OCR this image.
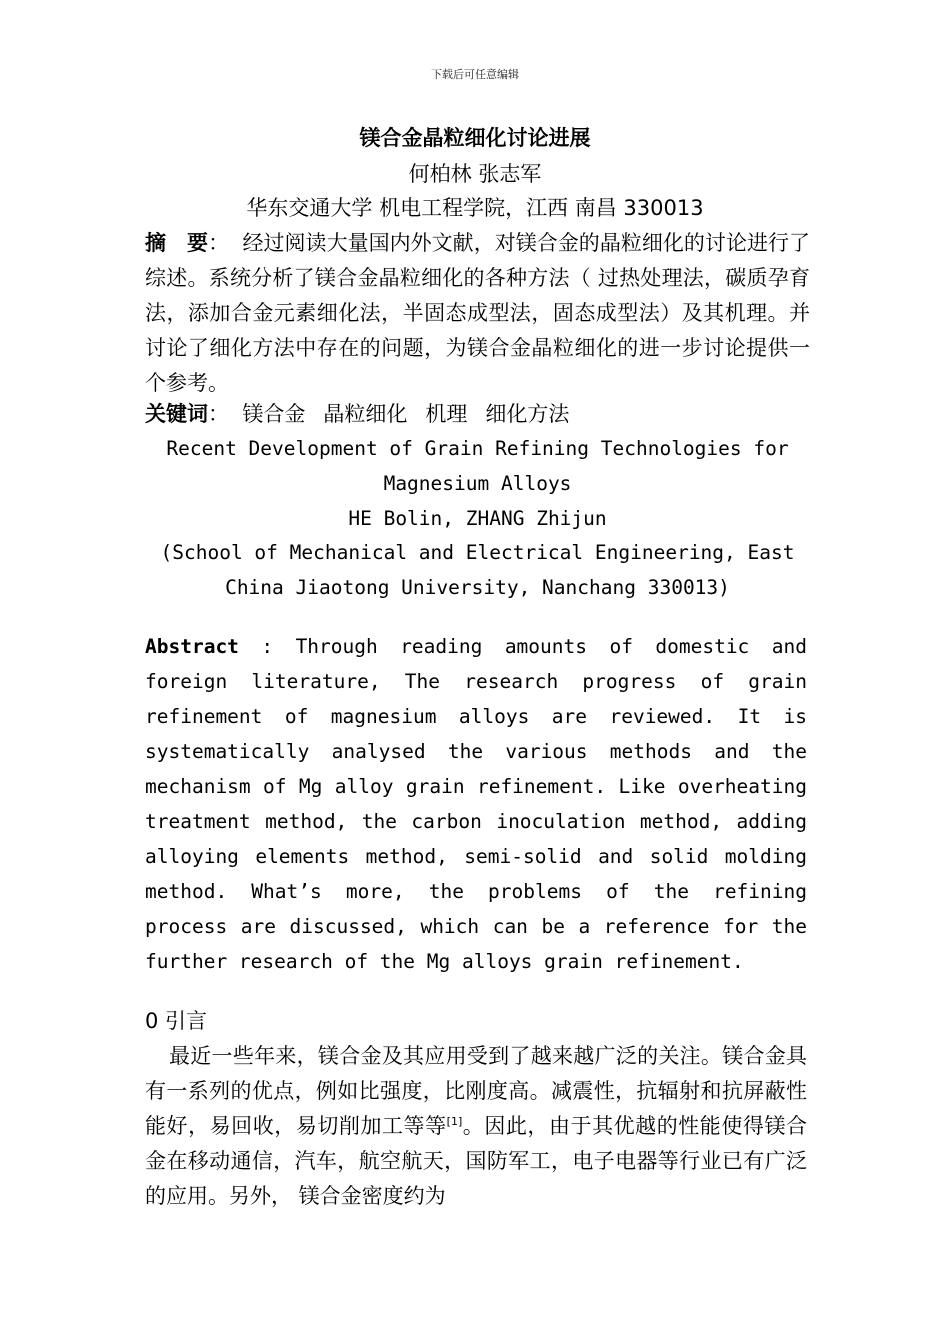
下载后可任意编辑
镁合金晶粒细化讨论进展
何柏林 张志军
华东交通大学 机电工程学院，江西 南昌 330013
摘　要： 经过阅读大量国内外文献，对镁合金的晶粒细化的讨论进行了综述。系统分析了镁合金晶粒细化的各种方法（ 过热处理法，碳质孕育法，添加合金元素细化法，半固态成型法，固态成型法）及其机理。并讨论了细化方法中存在的问题，为镁合金晶粒细化的进一步讨论提供一个参考。
关键词： 镁合金 晶粒细化 机理 细化方法
Recent Development of Grain Refining Technologies for Magnesium Alloys
HE Bolin, ZHANG Zhijun
(School of Mechanical and Electrical Engineering, East China Jiaotong University, Nanchang 330013)
Abstract : Through reading amounts of domestic and foreign literature, The research progress of grain refinement of magnesium alloys are reviewed. It is systematically analysed the various methods and the mechanism of Mg alloy grain refinement. Like overheating treatment method, the carbon inoculation method, adding alloying elements method, semi-solid and solid molding method. What’s more, the problems of the refining process are discussed, which can be a reference for the further research of the Mg alloys grain refinement.
0 引言
最近一些年来，镁合金及其应用受到了越来越广泛的关注。镁合金具有一系列的优点，例如比强度，比刚度高。减震性，抗辐射和抗屏蔽性能好，易回收，易切削加工等等[1]。因此，由于其优越的性能使得镁合金在移动通信，汽车，航空航天，国防军工，电子电器等行业已有广泛的应用。另外， 镁合金密度约为
